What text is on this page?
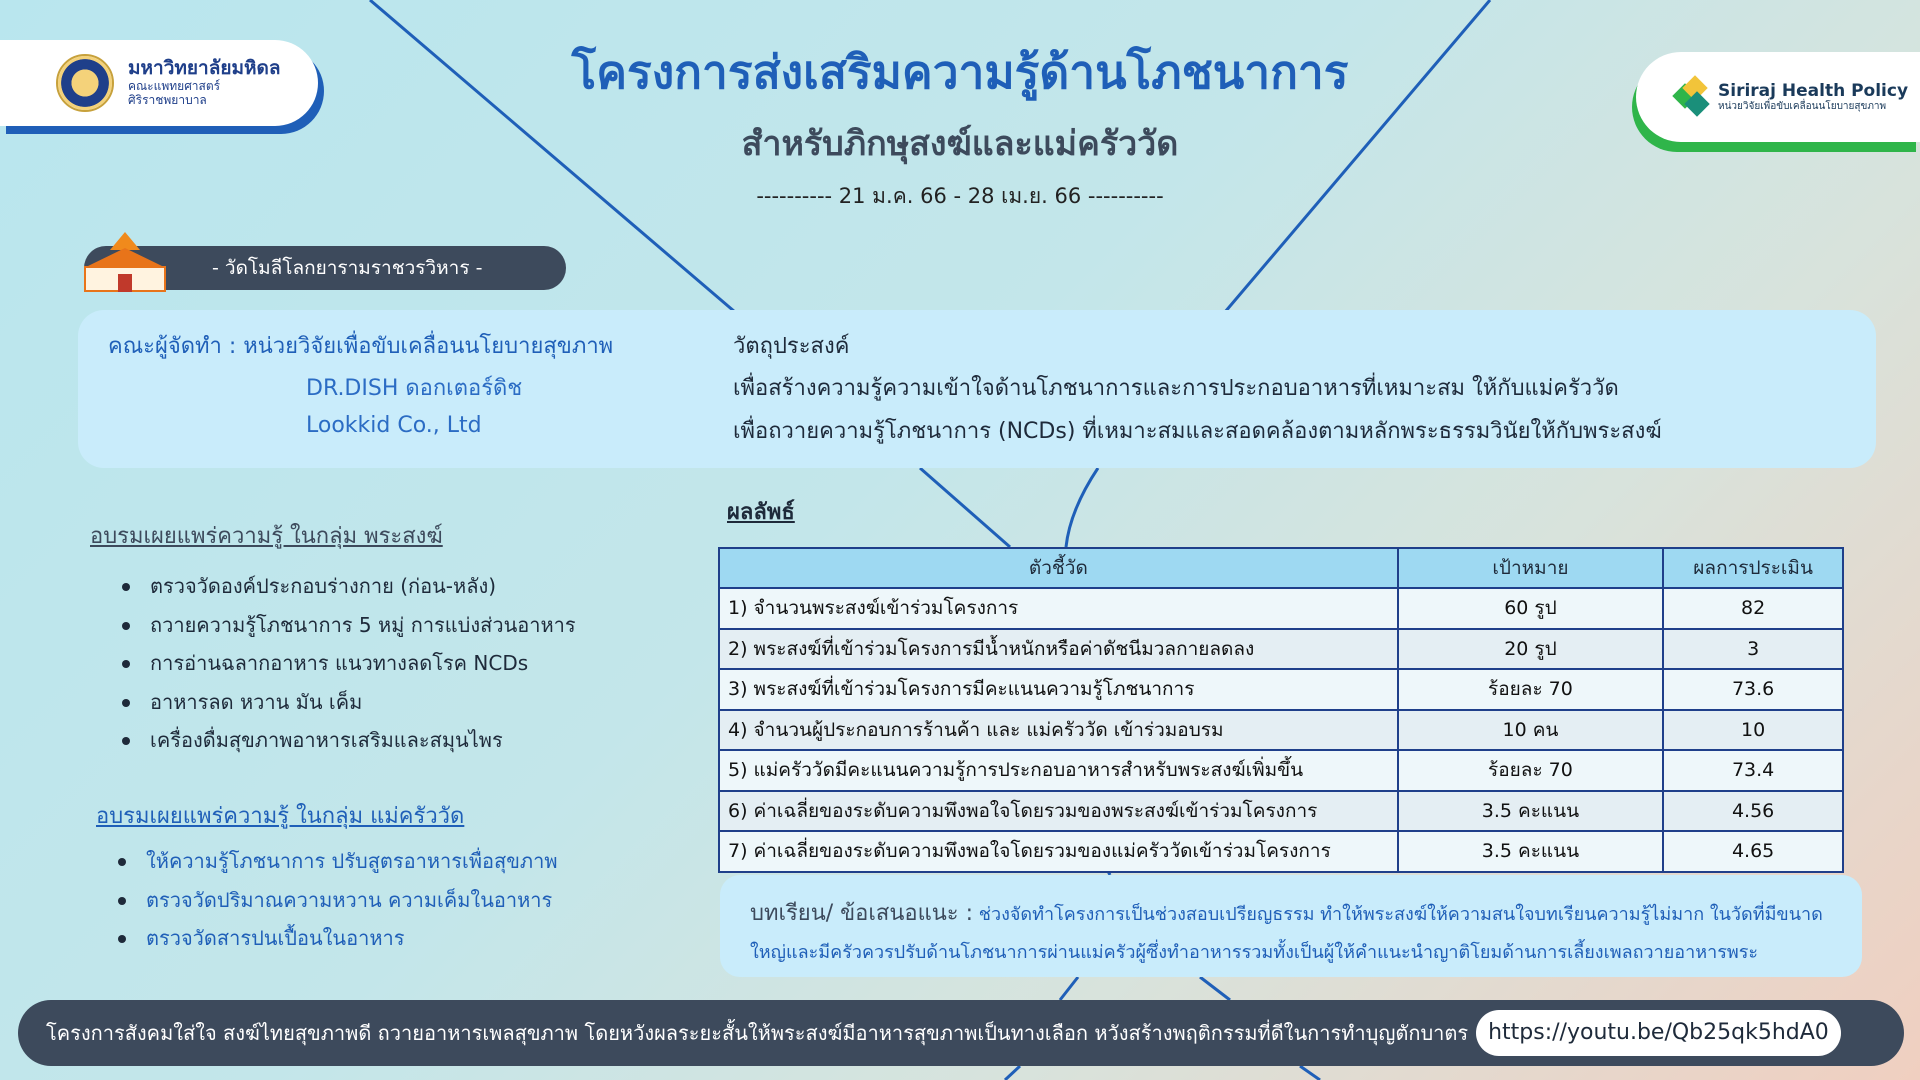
มหาวิทยาลัยมหิดล
คณะแพทยศาสตร์
ศิริราชพยาบาล	Siriraj Health Policy
หน่วยวิจัยเพื่อขับเคลื่อนนโยบายสุขภาพ
โครงการส่งเสริมความรู้ด้านโภชนาการ
สำหรับภิกษุสงฆ์และแม่ครัววัด
---------- 21 ม.ค. 66 - 28 เม.ย. 66 ----------
- วัดโมลีโลกยารามราชวรวิหาร -
คณะผู้จัดทำ : หน่วยวิจัยเพื่อขับเคลื่อนนโยบายสุขภาพ
DR.DISH ดอกเตอร์ดิช
Lookkid Co., Ltd
วัตถุประสงค์
เพื่อสร้างความรู้ความเข้าใจด้านโภชนาการและการประกอบอาหารที่เหมาะสม ให้กับแม่ครัววัด
เพื่อถวายความรู้โภชนาการ (NCDs) ที่เหมาะสมและสอดคล้องตามหลักพระธรรมวินัยให้กับพระสงฆ์
อบรมเผยแพร่ความรู้ ในกลุ่ม พระสงฆ์
ตรวจวัดองค์ประกอบร่างกาย (ก่อน-หลัง)
ถวายความรู้โภชนาการ 5 หมู่ การแบ่งส่วนอาหาร
การอ่านฉลากอาหาร แนวทางลดโรค NCDs
อาหารลด หวาน มัน เค็ม
เครื่องดื่มสุขภาพอาหารเสริมและสมุนไพร
อบรมเผยแพร่ความรู้ ในกลุ่ม แม่ครัววัด
ให้ความรู้โภชนาการ ปรับสูตรอาหารเพื่อสุขภาพ
ตรวจวัดปริมาณความหวาน ความเค็มในอาหาร
ตรวจวัดสารปนเปื้อนในอาหาร
ผลลัพธ์
ตัวชี้วัด	เป้าหมาย	ผลการประเมิน
1) จำนวนพระสงฆ์เข้าร่วมโครงการ	60 รูป	82
2) พระสงฆ์ที่เข้าร่วมโครงการมีน้ำหนักหรือค่าดัชนีมวลกายลดลง	20 รูป	3
3) พระสงฆ์ที่เข้าร่วมโครงการมีคะแนนความรู้โภชนาการ	ร้อยละ 70	73.6
4) จำนวนผู้ประกอบการร้านค้า และ แม่ครัววัด เข้าร่วมอบรม	10 คน	10
5) แม่ครัววัดมีคะแนนความรู้การประกอบอาหารสำหรับพระสงฆ์เพิ่มขึ้น	ร้อยละ 70	73.4
6) ค่าเฉลี่ยของระดับความพึงพอใจโดยรวมของพระสงฆ์เข้าร่วมโครงการ	3.5 คะแนน	4.56
7) ค่าเฉลี่ยของระดับความพึงพอใจโดยรวมของแม่ครัววัดเข้าร่วมโครงการ	3.5 คะแนน	4.65
บทเรียน/ ข้อเสนอแนะ : ช่วงจัดทำโครงการเป็นช่วงสอบเปรียญธรรม ทำให้พระสงฆ์ให้ความสนใจบทเรียนความรู้ไม่มาก ในวัดที่มีขนาด
ใหญ่และมีครัวควรปรับด้านโภชนาการผ่านแม่ครัวผู้ซึ่งทำอาหารรวมทั้งเป็นผู้ให้คำแนะนำญาติโยมด้านการเลี้ยงเพลถวายอาหารพระ
โครงการสังคมใส่ใจ สงฆ์ไทยสุขภาพดี ถวายอาหารเพลสุขภาพ โดยหวังผลระยะสั้นให้พระสงฆ์มีอาหารสุขภาพเป็นทางเลือก หวังสร้างพฤติกรรมที่ดีในการทำบุญตักบาตร https://youtu.be/Qb25qk5hdA0
